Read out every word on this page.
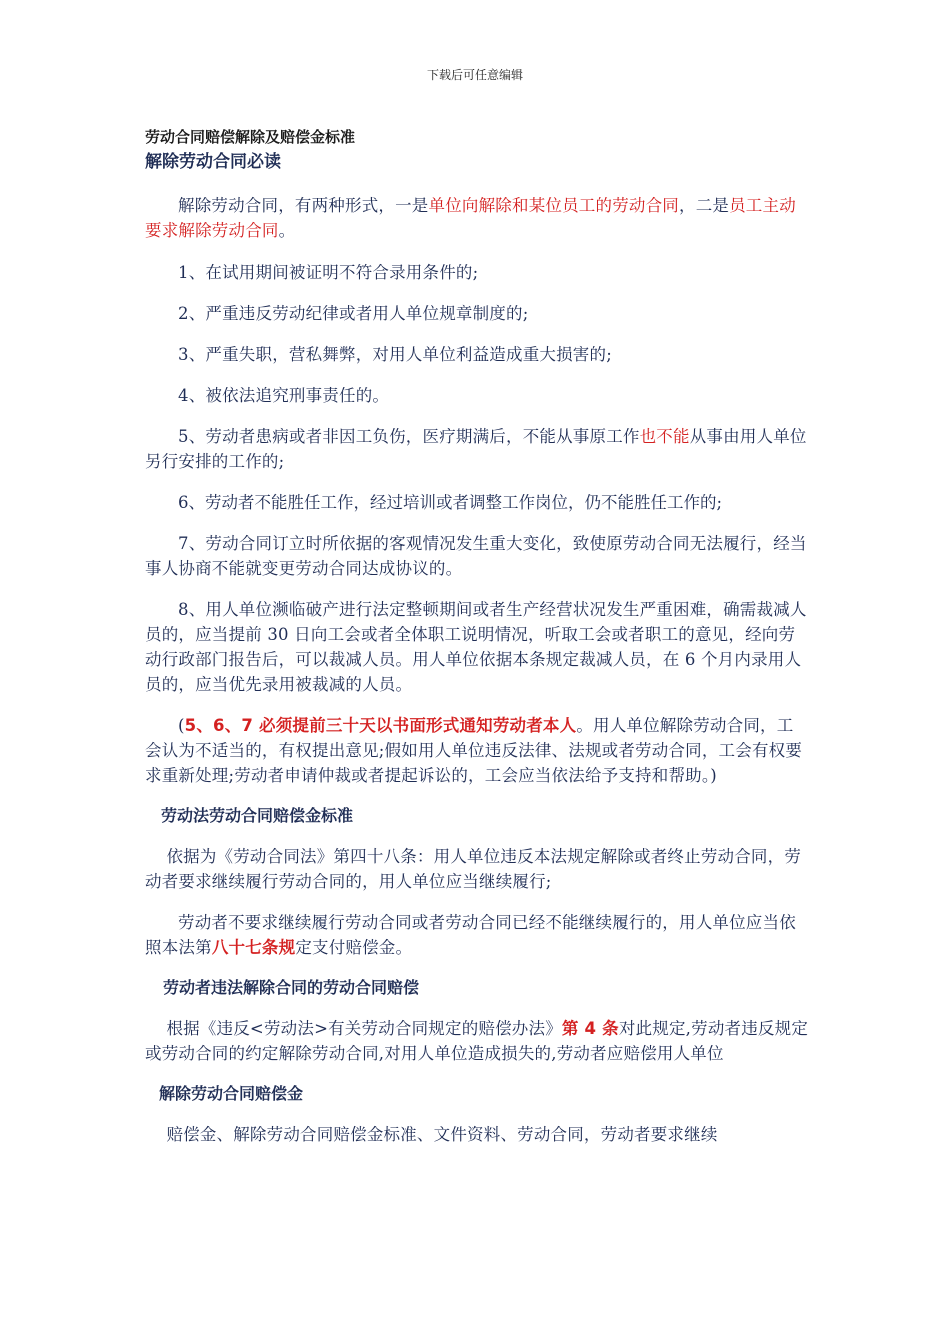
下载后可任意编辑
劳动合同赔偿解除及赔偿金标准
解除劳动合同必读

解除劳动合同，有两种形式，一是单位向解除和某位员工的劳动合同，二是员工主动要求解除劳动合同。

1、在试用期间被证明不符合录用条件的;

2、严重违反劳动纪律或者用人单位规章制度的;

3、严重失职，营私舞弊，对用人单位利益造成重大损害的;

4、被依法追究刑事责任的。

5、劳动者患病或者非因工负伤，医疗期满后，不能从事原工作也不能从事由用人单位另行安排的工作的;

6、劳动者不能胜任工作，经过培训或者调整工作岗位，仍不能胜任工作的;

7、劳动合同订立时所依据的客观情况发生重大变化，致使原劳动合同无法履行，经当事人协商不能就变更劳动合同达成协议的。

8、用人单位濒临破产进行法定整顿期间或者生产经营状况发生严重困难，确需裁减人员的，应当提前 30 日向工会或者全体职工说明情况，听取工会或者职工的意见，经向劳动行政部门报告后，可以裁减人员。用人单位依据本条规定裁减人员，在 6 个月内录用人员的，应当优先录用被裁减的人员。

(5、6、7 必须提前三十天以书面形式通知劳动者本人。用人单位解除劳动合同，工会认为不适当的，有权提出意见;假如用人单位违反法律、法规或者劳动合同，工会有权要求重新处理;劳动者申请仲裁或者提起诉讼的，工会应当依法给予支持和帮助。)

劳动法劳动合同赔偿金标准

依据为《劳动合同法》第四十八条：用人单位违反本法规定解除或者终止劳动合同，劳动者要求继续履行劳动合同的，用人单位应当继续履行;

劳动者不要求继续履行劳动合同或者劳动合同已经不能继续履行的，用人单位应当依照本法第八十七条规定支付赔偿金。

劳动者违法解除合同的劳动合同赔偿

根据《违反<劳动法>有关劳动合同规定的赔偿办法》第 4 条对此规定,劳动者违反规定或劳动合同的约定解除劳动合同,对用人单位造成损失的,劳动者应赔偿用人单位

解除劳动合同赔偿金

赔偿金、解除劳动合同赔偿金标准、文件资料、劳动合同，劳动者要求继续
